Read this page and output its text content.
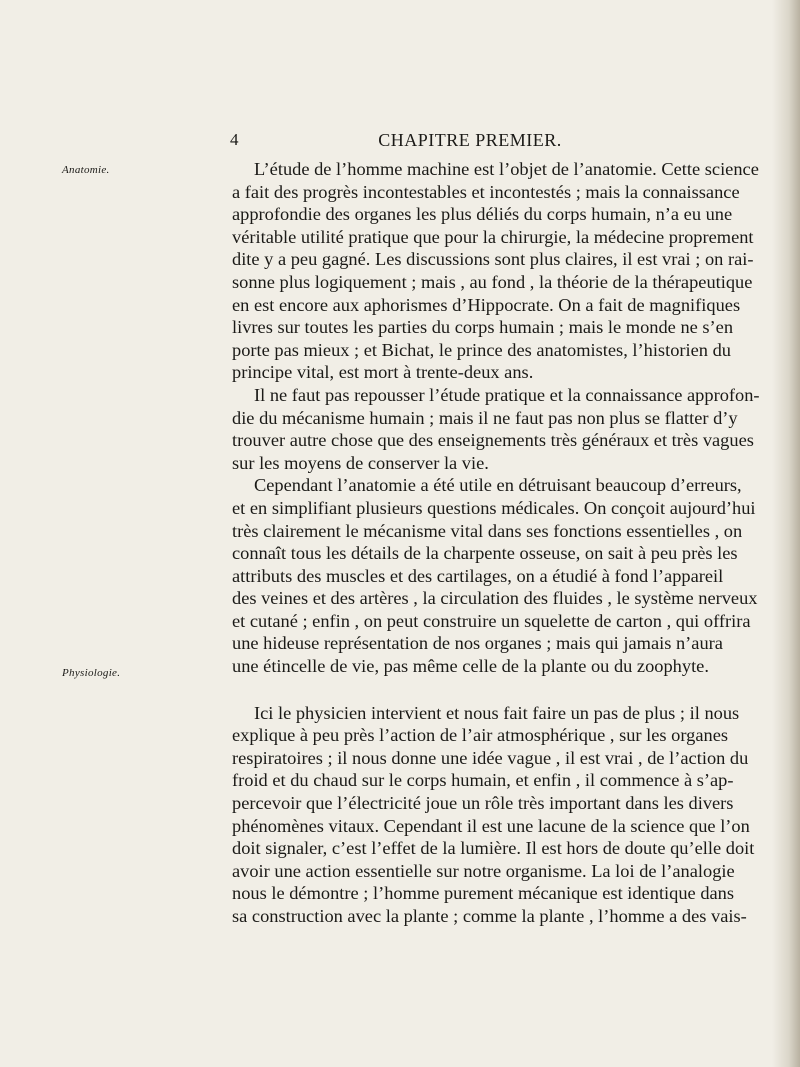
4	CHAPITRE PREMIER.
Anatomie.
Physiologie.
L’étude de l’homme machine est l’objet de l’anatomie. Cette science
a fait des progrès incontestables et incontestés ; mais la connaissance
approfondie des organes les plus déliés du corps humain, n’a eu une
véritable utilité pratique que pour la chirurgie, la médecine proprement
dite y a peu gagné. Les discussions sont plus claires, il est vrai ; on rai-
sonne plus logiquement ; mais , au fond , la théorie de la thérapeutique
en est encore aux aphorismes d’Hippocrate. On a fait de magnifiques
livres sur toutes les parties du corps humain ; mais le monde ne s’en
porte pas mieux ; et Bichat, le prince des anatomistes, l’historien du
principe vital, est mort à trente-deux ans.
Il ne faut pas repousser l’étude pratique et la connaissance approfon-
die du mécanisme humain ; mais il ne faut pas non plus se flatter d’y
trouver autre chose que des enseignements très généraux et très vagues
sur les moyens de conserver la vie.
Cependant l’anatomie a été utile en détruisant beaucoup d’erreurs,
et en simplifiant plusieurs questions médicales. On conçoit aujourd’hui
très clairement le mécanisme vital dans ses fonctions essentielles , on
connaît tous les détails de la charpente osseuse, on sait à peu près les
attributs des muscles et des cartilages, on a étudié à fond l’appareil
des veines et des artères , la circulation des fluides , le système nerveux
et cutané ; enfin , on peut construire un squelette de carton , qui offrira
une hideuse représentation de nos organes ; mais qui jamais n’aura
une étincelle de vie, pas même celle de la plante ou du zoophyte.
Ici le physicien intervient et nous fait faire un pas de plus ; il nous
explique à peu près l’action de l’air atmosphérique , sur les organes
respiratoires ; il nous donne une idée vague , il est vrai , de l’action du
froid et du chaud sur le corps humain, et enfin , il commence à s’ap-
percevoir que l’électricité joue un rôle très important dans les divers
phénomènes vitaux. Cependant il est une lacune de la science que l’on
doit signaler, c’est l’effet de la lumière. Il est hors de doute qu’elle doit
avoir une action essentielle sur notre organisme. La loi de l’analogie
nous le démontre ; l’homme purement mécanique est identique dans
sa construction avec la plante ; comme la plante , l’homme a des vais-
